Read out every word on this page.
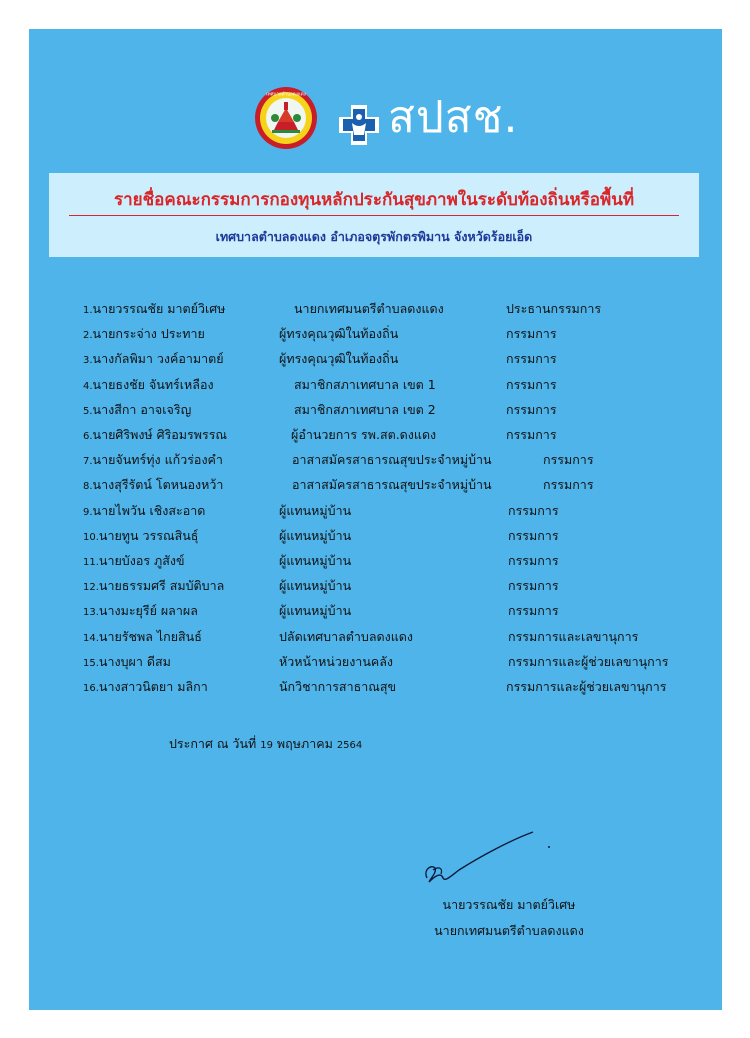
เทศบาลตำบลดงแดง สปสช.
รายชื่อคณะกรรมการกองทุนหลักประกันสุขภาพในระดับท้องถิ่นหรือพื้นที่
เทศบาลตำบลดงแดง อำเภอจตุรพักตรพิมาน จังหวัดร้อยเอ็ด
1.นายวรรณชัย มาตย์วิเศษ	นายกเทศมนตรีตำบลดงแดง	ประธานกรรมการ
2.นายกระจ่าง ประทาย	ผู้ทรงคุณวุฒิในท้องถิ่น	กรรมการ
3.นางกัลพิมา วงค์อามาตย์	ผู้ทรงคุณวุฒิในท้องถิ่น	กรรมการ
4.นายธงชัย จันทร์เหลือง	สมาชิกสภาเทศบาล เขต 1	กรรมการ
5.นางสีกา อาจเจริญ	สมาชิกสภาเทศบาล เขต 2	กรรมการ
6.นายศิริพงษ์ ศิริอมรพรรณ	ผู้อำนวยการ รพ.สต.ดงแดง	กรรมการ
7.นายจันทร์ทุ่ง แก้วร่องคำ	อาสาสมัครสาธารณสุขประจำหมู่บ้าน	กรรมการ
8.นางสุรีรัตน์ โตหนองหว้า	อาสาสมัครสาธารณสุขประจำหมู่บ้าน	กรรมการ
9.นายไพวัน เชิงสะอาด	ผู้แทนหมู่บ้าน	กรรมการ
10.นายทูน วรรณสินธุ์	ผู้แทนหมู่บ้าน	กรรมการ
11.นายบังอร ภูสังข์	ผู้แทนหมู่บ้าน	กรรมการ
12.นายธรรมศรี สมบัติบาล	ผู้แทนหมู่บ้าน	กรรมการ
13.นางมะยุรีย์ ผลาผล	ผู้แทนหมู่บ้าน	กรรมการ
14.นายรัชพล ไกยสินธ์	ปลัดเทศบาลตำบลดงแดง	กรรมการและเลขานุการ
15.นางบุผา ดีสม	หัวหน้าหน่วยงานคลัง	กรรมการและผู้ช่วยเลขานุการ
16.นางสาวนิตยา มลิกา	นักวิชาการสาธาณสุข	กรรมการและผู้ช่วยเลขานุการ
ประกาศ ณ วันที่ 19 พฤษภาคม 2564
นายวรรณชัย มาตย์วิเศษ
นายกเทศมนตรีตำบลดงแดง
